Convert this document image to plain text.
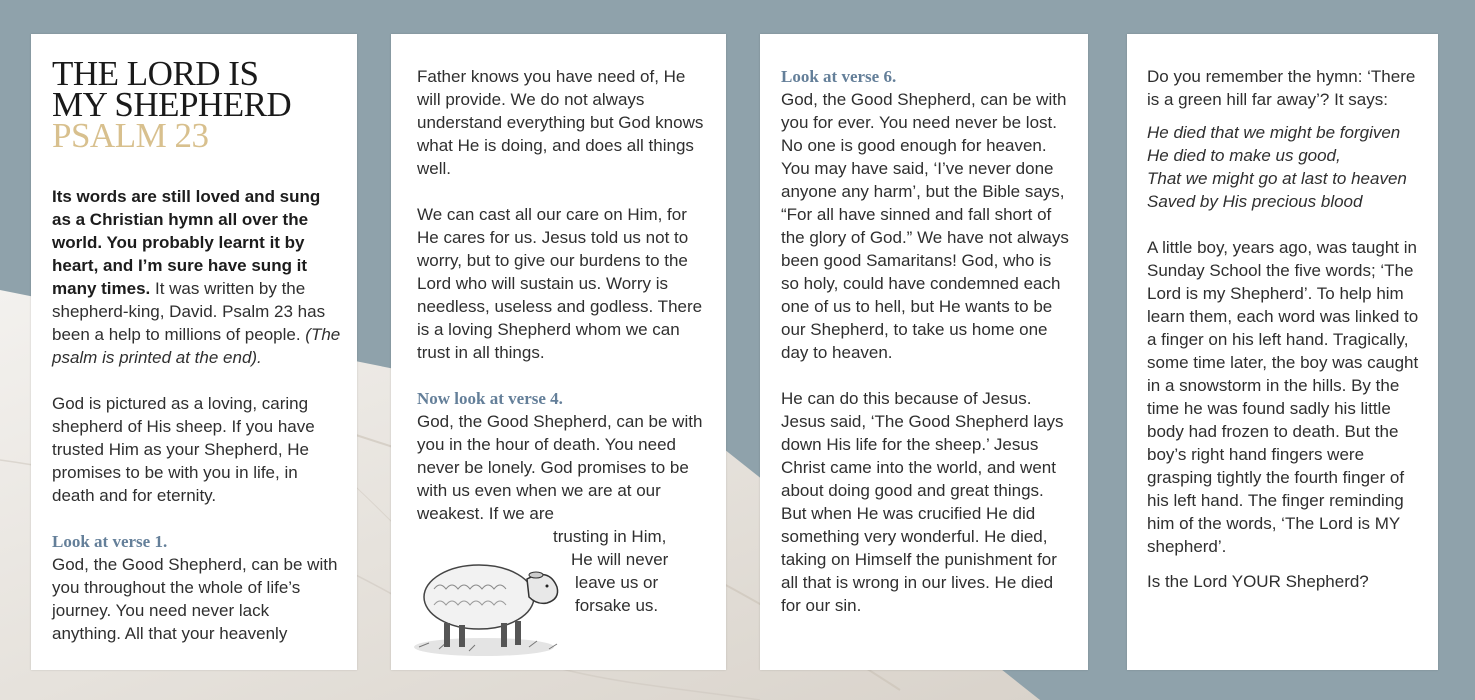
THE LORD IS
MY SHEPHERD
PSALM 23

Its words are still loved and sung as a Christian hymn all over the world. You probably learnt it by heart, and I’m sure have sung it many times. It was written by the shepherd-king, David. Psalm 23 has been a help to millions of people. (The psalm is printed at the end).

God is pictured as a loving, caring shepherd of His sheep. If you have trusted Him as your Shepherd, He promises to be with you in life, in death and for eternity.

Look at verse 1.

God, the Good Shepherd, can be with you throughout the whole of life’s journey. You need never lack anything. All that your heavenly

Father knows you have need of, He will provide. We do not always understand everything but God knows what He is doing, and does all things well.

We can cast all our care on Him, for He cares for us. Jesus told us not to worry, but to give our burdens to the Lord who will sustain us. Worry is needless, useless and godless. There is a loving Shepherd whom we can trust in all things.

Now look at verse 4.

God, the Good Shepherd, can be with you in the hour of death. You need never be lonely. God promises to be with us even when we are at our weakest. If we are

trusting in Him,
He will never
leave us or
forsake us.

Look at verse 6.

God, the Good Shepherd, can be with you for ever. You need never be lost. No one is good enough for heaven. You may have said, ‘I’ve never done anyone any harm’, but the Bible says, “For all have sinned and fall short of the glory of God.” We have not always been good Samaritans! God, who is so holy, could have condemned each one of us to hell, but He wants to be our Shepherd, to take us home one day to heaven.

He can do this because of Jesus. Jesus said, ‘The Good Shepherd lays down His life for the sheep.’ Jesus Christ came into the world, and went about doing good and great things. But when He was crucified He did something very wonderful. He died, taking on Himself the punishment for all that is wrong in our lives. He died for our sin.

Do you remember the hymn: ‘There is a green hill far away’? It says:

He died that we might be forgiven

He died to make us good,

That we might go at last to heaven

Saved by His precious blood

A little boy, years ago, was taught in Sunday School the five words; ‘The Lord is my Shepherd’. To help him learn them, each word was linked to a finger on his left hand. Tragically, some time later, the boy was caught in a snowstorm in the hills. By the time he was found sadly his little body had frozen to death. But the boy’s right hand fingers were grasping tightly the fourth finger of his left hand. The finger reminding him of the words, ‘The Lord is MY shepherd’.

Is the Lord YOUR Shepherd?
